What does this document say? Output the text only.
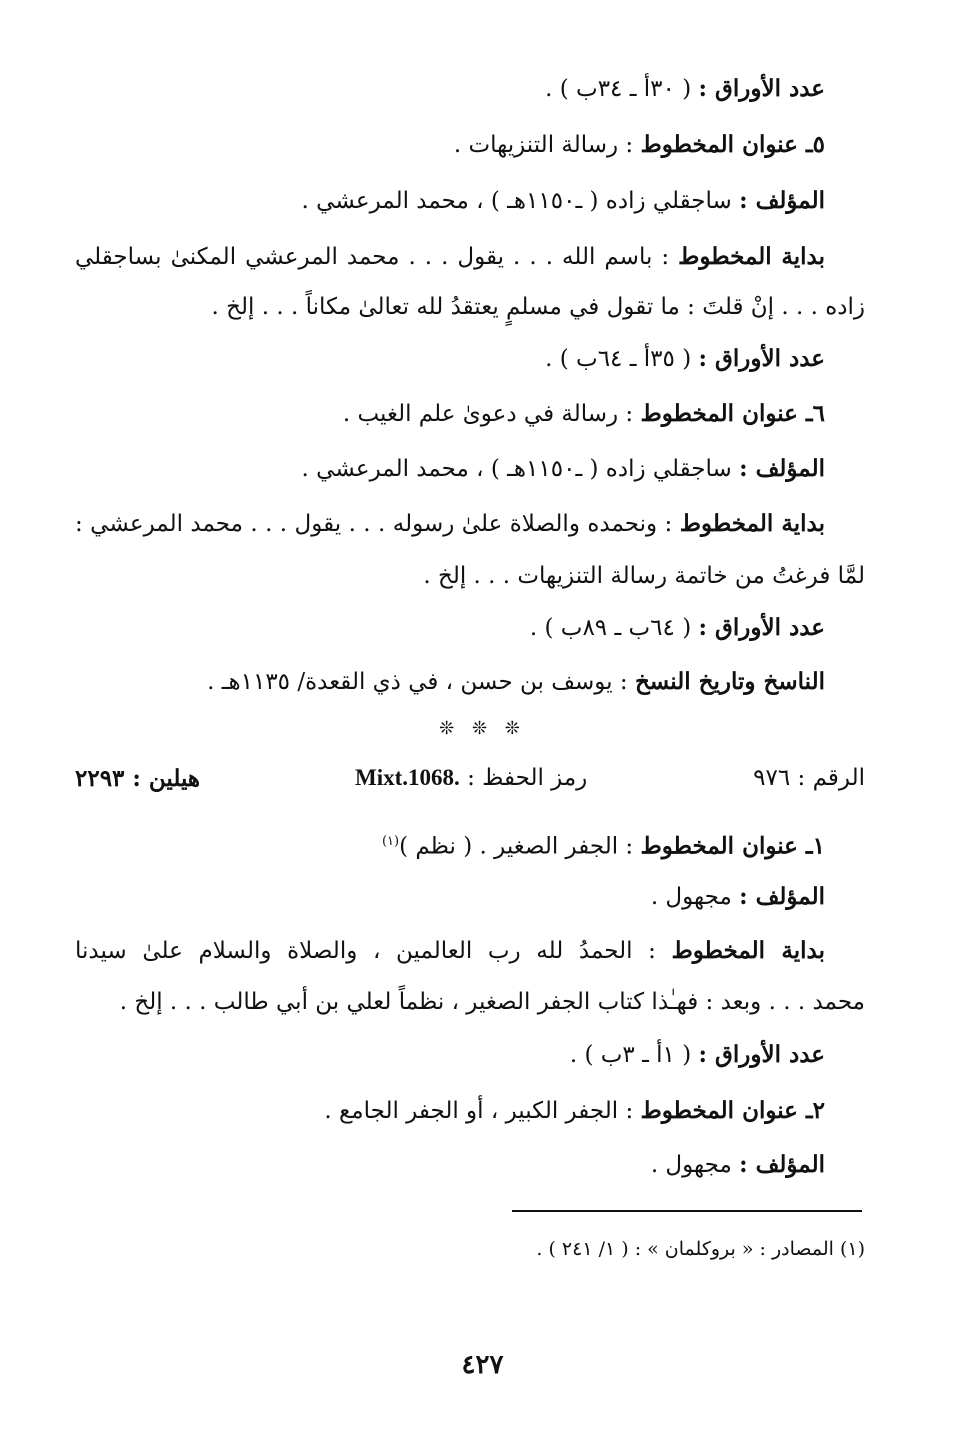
عدد الأوراق : ( ٣٠أ ـ ٣٤ب ) .
٥ـ عنوان المخطوط : رسالة التنزيهات .
المؤلف : ساجقلي زاده ( ـ١١٥٠هـ ) ، محمد المرعشي .
بداية المخطوط : باسم الله . . . يقول . . . محمد المرعشي المكنىٰ بساجقلي
زاده . . . إنْ قلتَ : ما تقول في مسلمٍ يعتقدُ لله تعالىٰ مكاناً . . . إلخ .
عدد الأوراق : ( ٣٥أ ـ ٦٤ب ) .
٦ـ عنوان المخطوط : رسالة في دعوىٰ علم الغيب .
المؤلف : ساجقلي زاده ( ـ١١٥٠هـ ) ، محمد المرعشي .
بداية المخطوط : ونحمده والصلاة علىٰ رسوله . . . يقول . . . محمد المرعشي :
لمَّا فرغتُ من خاتمة رسالة التنزيهات . . . إلخ .
عدد الأوراق : ( ٦٤ب ـ ٨٩ب ) .
الناسخ وتاريخ النسخ : يوسف بن حسن ، في ذي القعدة/ ١١٣٥هـ .
❊ ❊ ❊
الرقم : ٩٧٦
رمز الحفظ : Mixt.1068.
هيلين : ٢٢٩٣
١ـ عنوان المخطوط : الجفر الصغير . ( نظم )$^{(١)}$
المؤلف : مجهول .
بداية المخطوط : الحمدُ لله رب العالمين ، والصلاة والسلام علىٰ سيدنا
محمد . . . وبعد : فهـٰذا كتاب الجفر الصغير ، نظماً لعلي بن أبي طالب . . . إلخ .
عدد الأوراق : ( ١أ ـ ٣ب ) .
٢ـ عنوان المخطوط : الجفر الكبير ، أو الجفر الجامع .
المؤلف : مجهول .
(١) المصادر : « بروكلمان » : ( ١/ ٢٤١ ) .
٤٢٧
